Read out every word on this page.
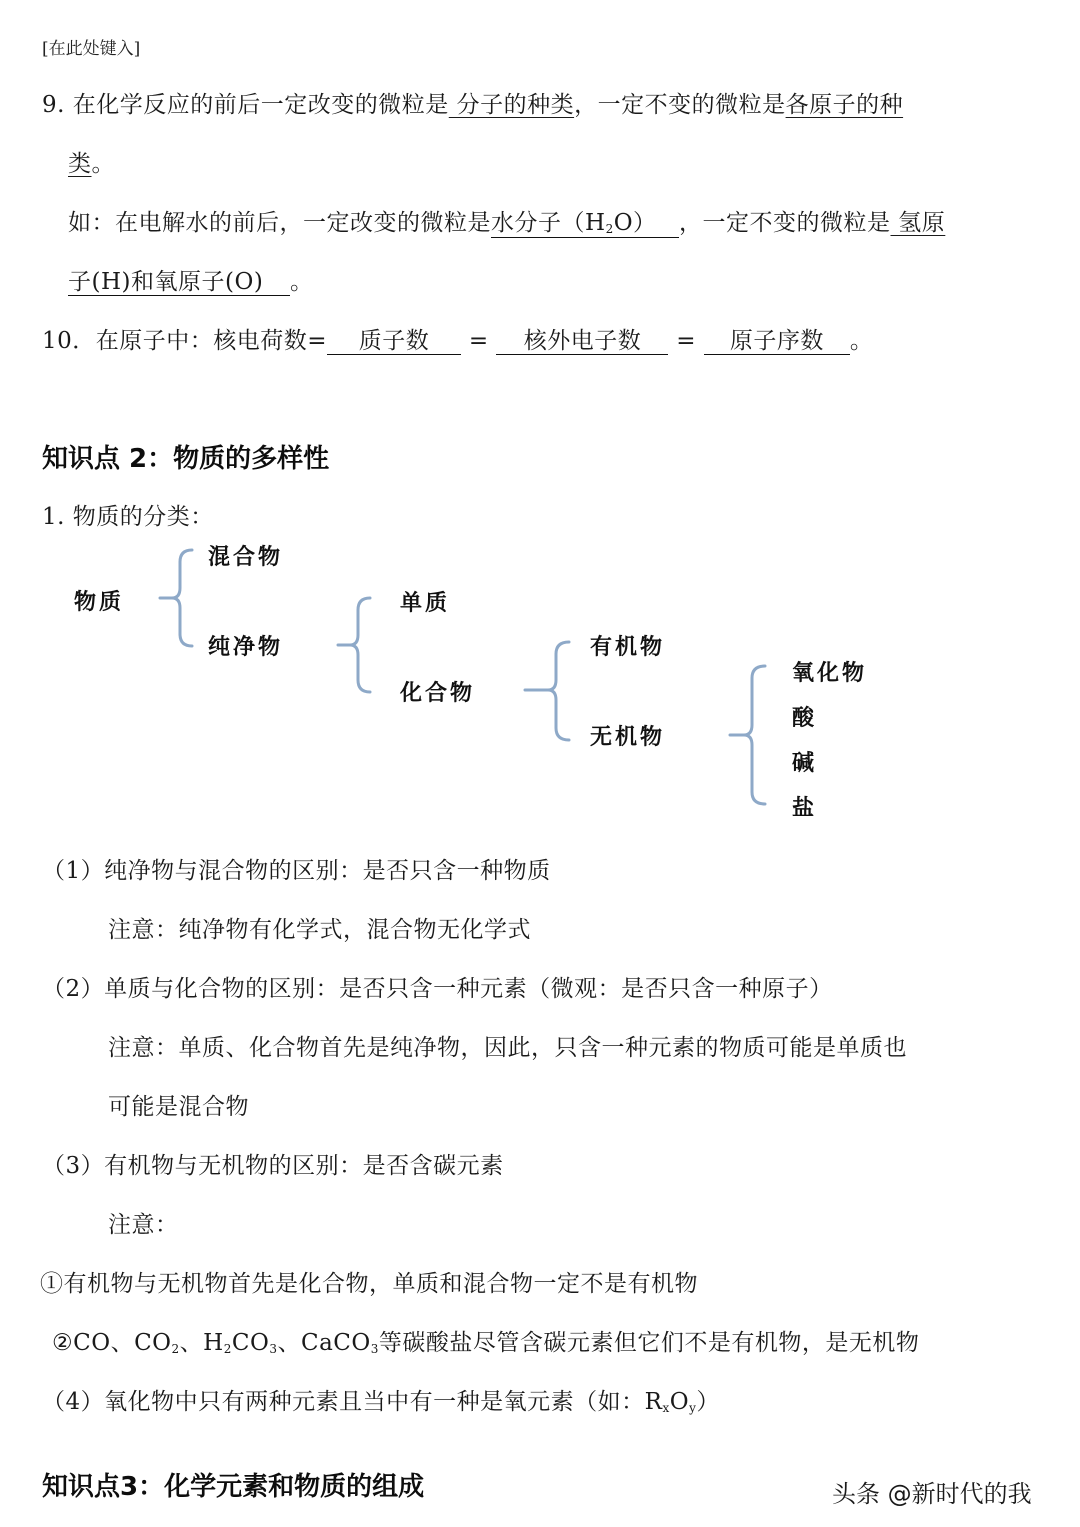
[在此处键入]
9. 在化学反应的前后一定改变的微粒是 分子的种类，一定不变的微粒是各原子的种
类。
如：在电解水的前后，一定改变的微粒是水分子$(H_2O)$ ，一定不变的微粒是 氢原
子(H)和氧原子(O) 。
10．在原子中：核电荷数= 质子数 = 核外电子数 = 原子序数 。
知识点 2：物质的多样性
1. 物质的分类：
物质
混合物
纯净物
单质
化合物
有机物
无机物
氧化物
酸
碱
盐
（1）纯净物与混合物的区别：是否只含一种物质
注意：纯净物有化学式，混合物无化学式
（2）单质与化合物的区别：是否只含一种元素（微观：是否只含一种原子）
注意：单质、化合物首先是纯净物，因此，只含一种元素的物质可能是单质也
可能是混合物
（3）有机物与无机物的区别：是否含碳元素
注意：
①有机物与无机物首先是化合物，单质和混合物一定不是有机物
②CO、$CO_2$、$H_2CO_3$、CaCO$_3$等碳酸盐尽管含碳元素但它们不是有机物，是无机物
（4）氧化物中只有两种元素且当中有一种是氧元素（如：$R_xO_y$）
知识点3：化学元素和物质的组成	头条 @新时代的我
